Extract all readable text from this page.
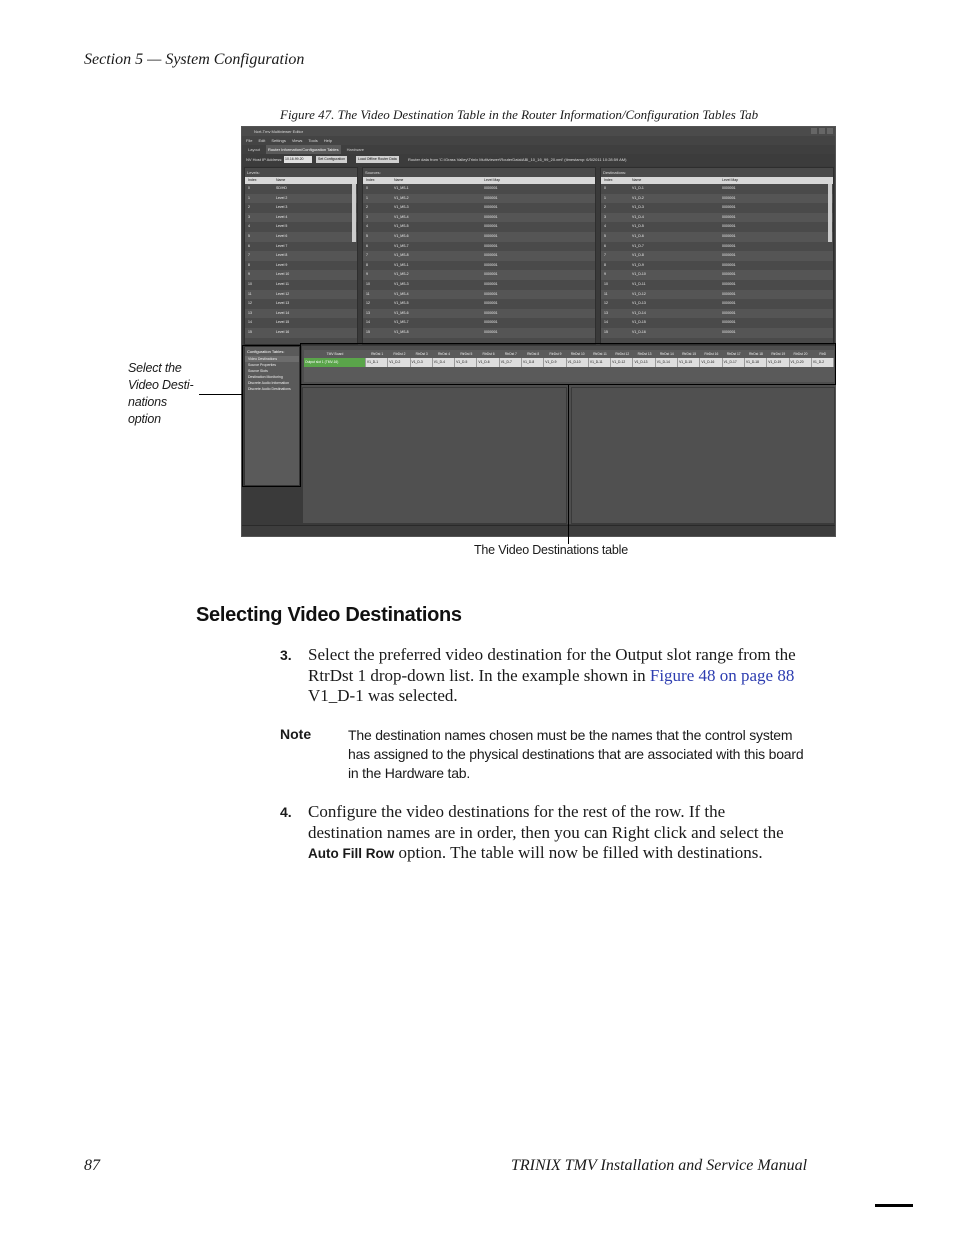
Section 5 — System Configuration
Figure 47. The Video Destination Table in the Router Information/Configuration Tables Tab
Ncrt-Tmv Multiviewer Editor
File Edit Settings Views Tools Help
Layout	Router Information/Configuration Tables	Hardware
NV Host IP Address: 10.16.99.20	Set Configuration	Load Offline Router Data	Router data from 'C:\Grass Valley\Trinix Multiviewer\RouterData\ABI_10_16_99_20.xml' (timestamp: 6/5/2011 10:28:59 AM)
Levels:
Index	Name
0	SD/HD
1	Level 2
2	Level 3
3	Level 4
4	Level 5
5	Level 6
6	Level 7
7	Level 8
8	Level 9
9	Level 10
10	Level 11
11	Level 12
12	Level 13
13	Level 14
14	Level 15
15	Level 16
Sources:
Index	Name	Level Map
0	V1_MS-1	0000001
1	V1_MS-2	0000001
2	V1_MS-3	0000001
3	V1_MS-4	0000001
4	V1_MS-5	0000001
5	V1_MS-6	0000001
6	V1_MS-7	0000001
7	V1_MS-8	0000001
8	V1_MS-1	0000001
9	V1_MS-2	0000001
10	V1_MS-3	0000001
11	V1_MS-4	0000001
12	V1_MS-5	0000001
13	V1_MS-6	0000001
14	V1_MS-7	0000001
15	V1_MS-8	0000001
Destinations:
Index	Name	Level Map
0	V1_D-1	0000001
1	V1_D-2	0000001
2	V1_D-3	0000001
3	V1_D-4	0000001
4	V1_D-5	0000001
5	V1_D-6	0000001
6	V1_D-7	0000001
7	V1_D-8	0000001
8	V1_D-9	0000001
9	V1_D-10	0000001
10	V1_D-11	0000001
11	V1_D-12	0000001
12	V1_D-13	0000001
13	V1_D-14	0000001
14	V1_D-15	0000001
15	V1_D-16	0000001
Configuration Tables:
Video Destinations
Source Properties
Source Slots
Destination Monitoring
Discrete Audio Information
Discrete Audio Destinations
TMV Board	RtrDst 1	RtrDst 2	RtrDst 3	RtrDst 4	RtrDst 5	RtrDst 6	RtrDst 7	RtrDst 8	RtrDst 9	RtrDst 10	RtrDst 11	RtrDst 12	RtrDst 13	RtrDst 14	RtrDst 15	RtrDst 16	RtrDst 17	RtrDst 18	RtrDst 19	RtrDst 20	RtrD
Output slot 1 (TMV-16)	V1_D-1	V1_D-2	V1_D-3	V1_D-4	V1_D-5	V1_D-6	V1_D-7	V1_D-8	V1_D-9	V1_D-10	V1_D-11	V1_D-12	V1_D-13	V1_D-14	V1_D-15	V1_D-16	V1_D-17	V1_D-18	V1_D-19	V1_D-20	V1_D-2
Select the
Video Desti-
nations
option
The Video Destinations table
Selecting Video Destinations
3. Select the preferred video destination for the Output slot range from the
RtrDst 1 drop-down list. In the example shown in Figure 48 on page 88
V1_D-1 was selected.
Note	The destination names chosen must be the names that the control system
has assigned to the physical destinations that are associated with this board
in the Hardware tab.
4. Configure the video destinations for the rest of the row. If the
destination names are in order, then you can Right click and select the
Auto Fill Row option. The table will now be filled with destinations.
87	TRINIX TMV Installation and Service Manual
